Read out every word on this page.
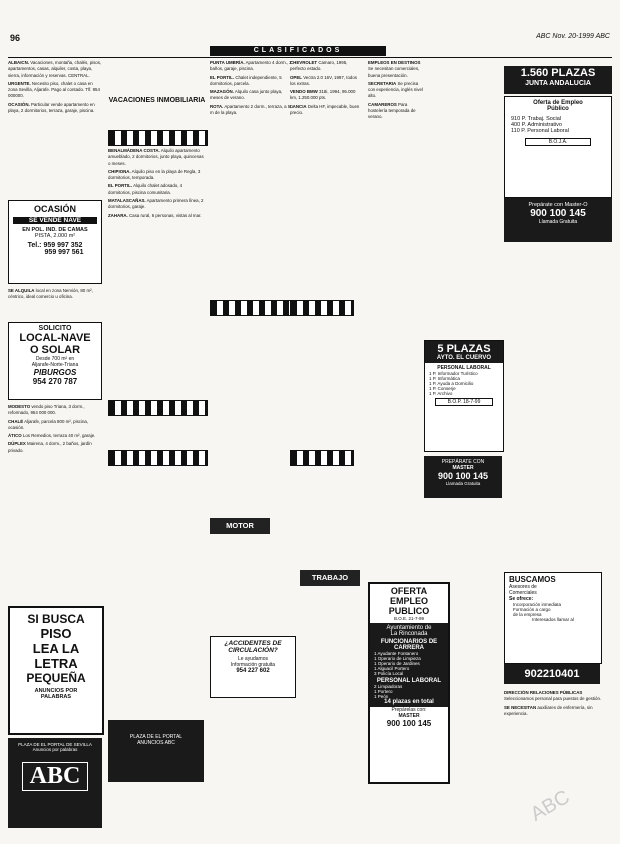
96	ABC Nov. 20-1999 ABC
CLASIFICADOS

ALBAICN. Vacaciones, montaña, chalés, pisos, apartamentos, casas, alquiler, costa, playa, sierra, información y reservas. CENTRAL.

URGENTE. Necesito piso, chalet o casa en zona Sevilla, Aljarafe. Pago al contado. Tlf. 954 000000.

OCASIÓN. Particular vende apartamento en playa, 2 dormitorios, terraza, garaje, piscina.

OCASIÓN
SE VENDE NAVE
EN POL. IND. DE CAMAS
PISTA, 2.000 m²
Tel.: 959 997 352
959 997 561

SE ALQUILA local en zona Nervión, 80 m², céntrico, ideal comercio u oficina.

SOLICITO
LOCAL-NAVE
O SOLAR
Desde 700 m² en
Aljarafe-Norte-Triana
PIBURGOS
954 270 787

MODESTO vendo piso Triana, 3 dorm., reformado, 954 000 000.

CHALÉ Aljarafe, parcela 800 m², piscina, ocasión.

ÁTICO Los Remedios, terraza 40 m², garaje.

DÚPLEX Mairena, 4 dorm., 2 baños, jardín privado.

SI BUSCA
PISO
LEA LA
LETRA
PEQUEÑA
ANUNCIOS POR
PALABRAS
PLAZA DE EL PORTAL DE SEVILLA
Anuncios por palabras
ABC
VACACIONES INMOBILIARIA

BENALMÁDENA COSTA. Alquilo apartamento amueblado, 2 dormitorios, junto playa, quincenas o meses.

CHIPIONA. Alquilo piso en la playa de Regla, 3 dormitorios, temporada.

EL PORTIL. Alquilo chalet adosado, 4 dormitorios, piscina comunitaria.

MATALASCAÑAS. Apartamento primera línea, 2 dormitorios, garaje.

ZAHARA. Casa rural, 6 personas, vistas al mar.

MOTOR
PLAZA DE EL PORTAL
ANUNCIOS ABC

PUNTA UMBRÍA. Apartamento 4 dorm., 2 baños, garaje, piscina.

EL PORTIL. Chalet independiente, 5 dormitorios, parcela.

MAZAGÓN. Alquilo casa junto playa, meses de verano.

ROTA. Apartamento 2 dorm., terraza, a 50 m de la playa.

¿ACCIDENTES DE
CIRCULACIÓN?
Le ayudamos
Información gratuita
954 227 602

CHEVROLET Camaro, 1995, perfecto estado.

OPEL Vectra 2.0 16V, 1997, todos los extras.

VENDO BMW 318i, 1994, 95.000 km, 1.250.000 pts.

LANCIA Delta HF, impecable, buen precio.

TRABAJO
OFERTA
EMPLEO
PUBLICO
B.O.E. 21-7-99
Ayuntamiento de
La Rinconada
FUNCIONARIOS DE
CARRERA
1 Ayudante Fontanero
1 Operario de Limpieza
1 Operario de Jardines
1 Alguacil Portero
3 Policía Local
PERSONAL LABORAL
2 Limpiadoras
1 Portero
1 Peón
14 plazas en total
Prepárelas con:
MASTER
900 100 145

EMPLEOS EN DESTINOS Se necesitan comerciales, buena presentación.

SECRETARIA Se precisa con experiencia, inglés nivel alto.

CAMAREROS Para hostelería temporada de verano.

5 PLAZAS
AYTO. EL CUERVO
PERSONAL LABORAL
1 P. Informador Turístico
1 P. Informática
1 P. Ayuda a Domicilio
1 P. Conserje
1 P. Archivo
B.O.P. 18-7-99
PREPÁRATE CON
MASTER
900 100 145
Llamada Gratuita
1.560 PLAZAS
JUNTA ANDALUCIA
Oferta de Empleo
Público
910 P. Trabaj. Social
400 P. Administrativo
110 P. Personal Laboral
B.O.J.A.
Prepárate con Master-O
900 100 145
Llamada Gratuita
BUSCAMOS
Asesores de
Comerciales
Se ofrece:
Incorporación inmediata
Formación a cargo
de la empresa
Interesados llamar al
902210401

DIRECCIÓN RELACIONES PÚBLICAS Seleccionamos personal para puestos de gestión.

SE NECESITAN auxiliares de enfermería, sin experiencia.

ABC
